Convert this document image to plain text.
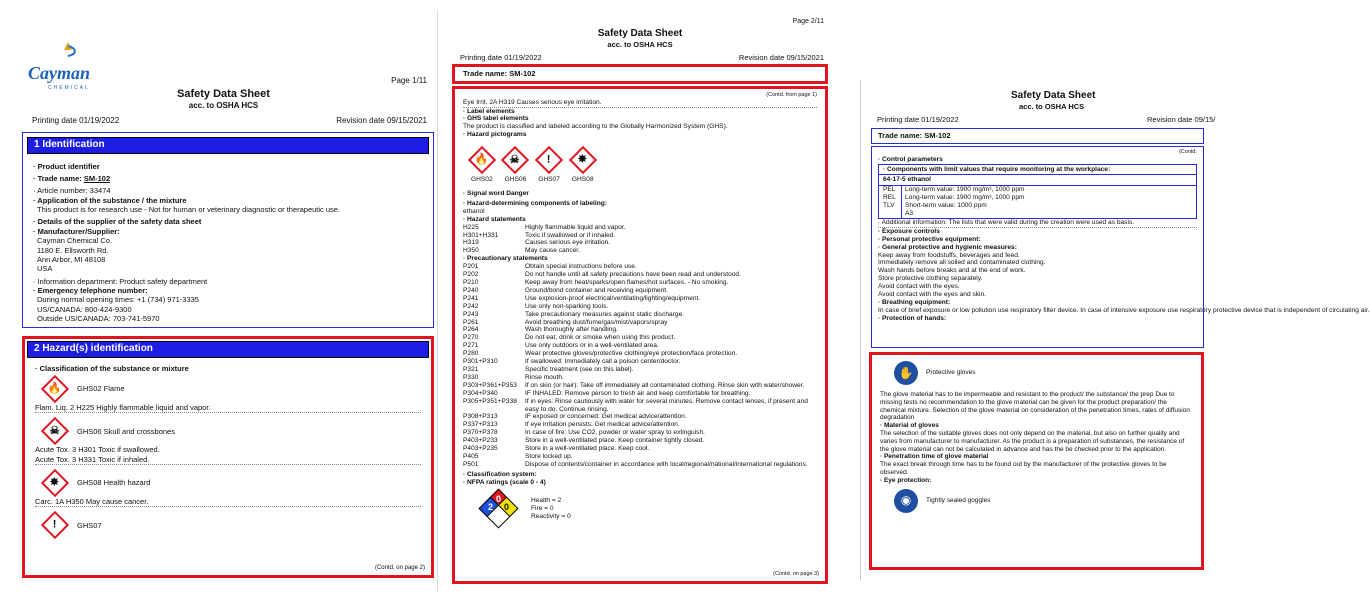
Cayman
CHEMICAL
Page 1/11
Safety Data Sheet
acc. to OSHA HCS
Printing date 01/19/2022	Revision date 09/15/2021
1 Identification
· Product identifier
· Trade name: SM-102
· Article number: 33474
· Application of the substance / the mixture
This product is for research use - Not for human or veterinary diagnostic or therapeutic use.
· Details of the supplier of the safety data sheet
· Manufacturer/Supplier:
Cayman Chemical Co.
1180 E. Ellsworth Rd.
Ann Arbor, MI 48108
USA
· Information department: Product safety department
· Emergency telephone number:
During normal opening times: +1 (734) 971-3335
US/CANADA: 800-424-9300
Outside US/CANADA: 703-741-5970
2 Hazard(s) identification
· Classification of the substance or mixture
🔥 GHS02 Flame
Flam. Liq. 2 H225 Highly flammable liquid and vapor.
☠ GHS06 Skull and crossbones
Acute Tox. 3 H301 Toxic if swallowed.
Acute Tox. 3 H331 Toxic if inhaled.
✸ GHS08 Health hazard
Carc. 1A H350 May cause cancer.
!	GHS07
(Contd. on page 2)
Page 2/11
Safety Data Sheet
acc. to OSHA HCS
Printing date 01/19/2022	Revision date 09/15/2021
Trade name: SM-102
(Contd. from page 1)
Eye Irrit. 2A H319 Causes serious eye irritation.
· Label elements
· GHS label elements
The product is classified and labeled according to the Globally Harmonized System (GHS).
· Hazard pictograms
🔥
GHS02
☠
GHS06
!
GHS07
✸
GHS08
· Signal word Danger
· Hazard-determining components of labeling:
ethanol
· Hazard statements
H225	Highly flammable liquid and vapor.
H301+H331	Toxic if swallowed or if inhaled.
H319	Causes serious eye irritation.
H350	May cause cancer.
· Precautionary statements
P201	Obtain special instructions before use.
P202	Do not handle until all safety precautions have been read and understood.
P210	Keep away from heat/sparks/open flames/hot surfaces. - No smoking.
P240	Ground/bond container and receiving equipment.
P241	Use explosion-proof electrical/ventilating/lighting/equipment.
P242	Use only non-sparking tools.
P243	Take precautionary measures against static discharge.
P261	Avoid breathing dust/fume/gas/mist/vapors/spray
P264	Wash thoroughly after handling.
P270	Do not eat, drink or smoke when using this product.
P271	Use only outdoors or in a well-ventilated area.
P280	Wear protective gloves/protective clothing/eye protection/face protection.
P301+P310	If swallowed: Immediately call a poison center/doctor.
P321	Specific treatment (see on this label).
P330	Rinse mouth.
P303+P361+P353	If on skin (or hair): Take off immediately all contaminated clothing. Rinse skin with water/shower.
P304+P340	IF INHALED: Remove person to fresh air and keep comfortable for breathing.
P305+P351+P338	If in eyes: Rinse cautiously with water for several minutes. Remove contact lenses, if present and easy to do. Continue rinsing.
P308+P313	IF exposed or concerned: Get medical advice/attention.
P337+P313	If eye irritation persists: Get medical advice/attention.
P370+P378	In case of fire: Use CO2, powder or water spray to extinguish.
P403+P233	Store in a well-ventilated place. Keep container tightly closed.
P403+P235	Store in a well-ventilated place. Keep cool.
P405	Store locked up.
P501	Dispose of contents/container in accordance with local/regional/national/international regulations.
· Classification system:
· NFPA ratings (scale 0 - 4)
0
2 0
Health = 2
Fire = 0
Reactivity = 0
(Contd. on page 3)
Safety Data Sheet
acc. to OSHA HCS
Printing date 01/19/2022	Revision date 09/15/
Trade name: SM-102
(Contd.
· Control parameters
· Components with limit values that require monitoring at the workplace:
64-17-5 ethanol
PEL	Long-term value: 1900 mg/m³, 1000 ppm
REL	Long-term value: 1900 mg/m³, 1000 ppm
TLV	Short-term value: 1000 ppm
A3
· Additional information: The lists that were valid during the creation were used as basis.
· Exposure controls
· Personal protective equipment:
· General protective and hygienic measures:
Keep away from foodstuffs, beverages and feed.
Immediately remove all soiled and contaminated clothing.
Wash hands before breaks and at the end of work.
Store protective clothing separately.
Avoid contact with the eyes.
Avoid contact with the eyes and skin.
· Breathing equipment:
In case of brief exposure or low pollution use respiratory filter device. In case of intensive exposure use respiratory protective device that is independent of circulating air.
· Protection of hands:
✋	Protective gloves
The glove material has to be impermeable and resistant to the product/ the substance/ the prep Due to missing tests no recommendation to the glove material can be given for the product preparation/ the chemical mixture. Selection of the glove material on consideration of the penetration times, rates of diffusion degradation
· Material of gloves
The selection of the suitable gloves does not only depend on the material, but also on further quality and varies from manufacturer to manufacturer. As the product is a preparation of substances, the resistance of the glove material can not be calculated in advance and has the be checked prior to the application.
· Penetration time of glove material
The exact break through time has to be found out by the manufacturer of the protective gloves to be observed.
· Eye protection:
◉	Tightly sealed goggles
